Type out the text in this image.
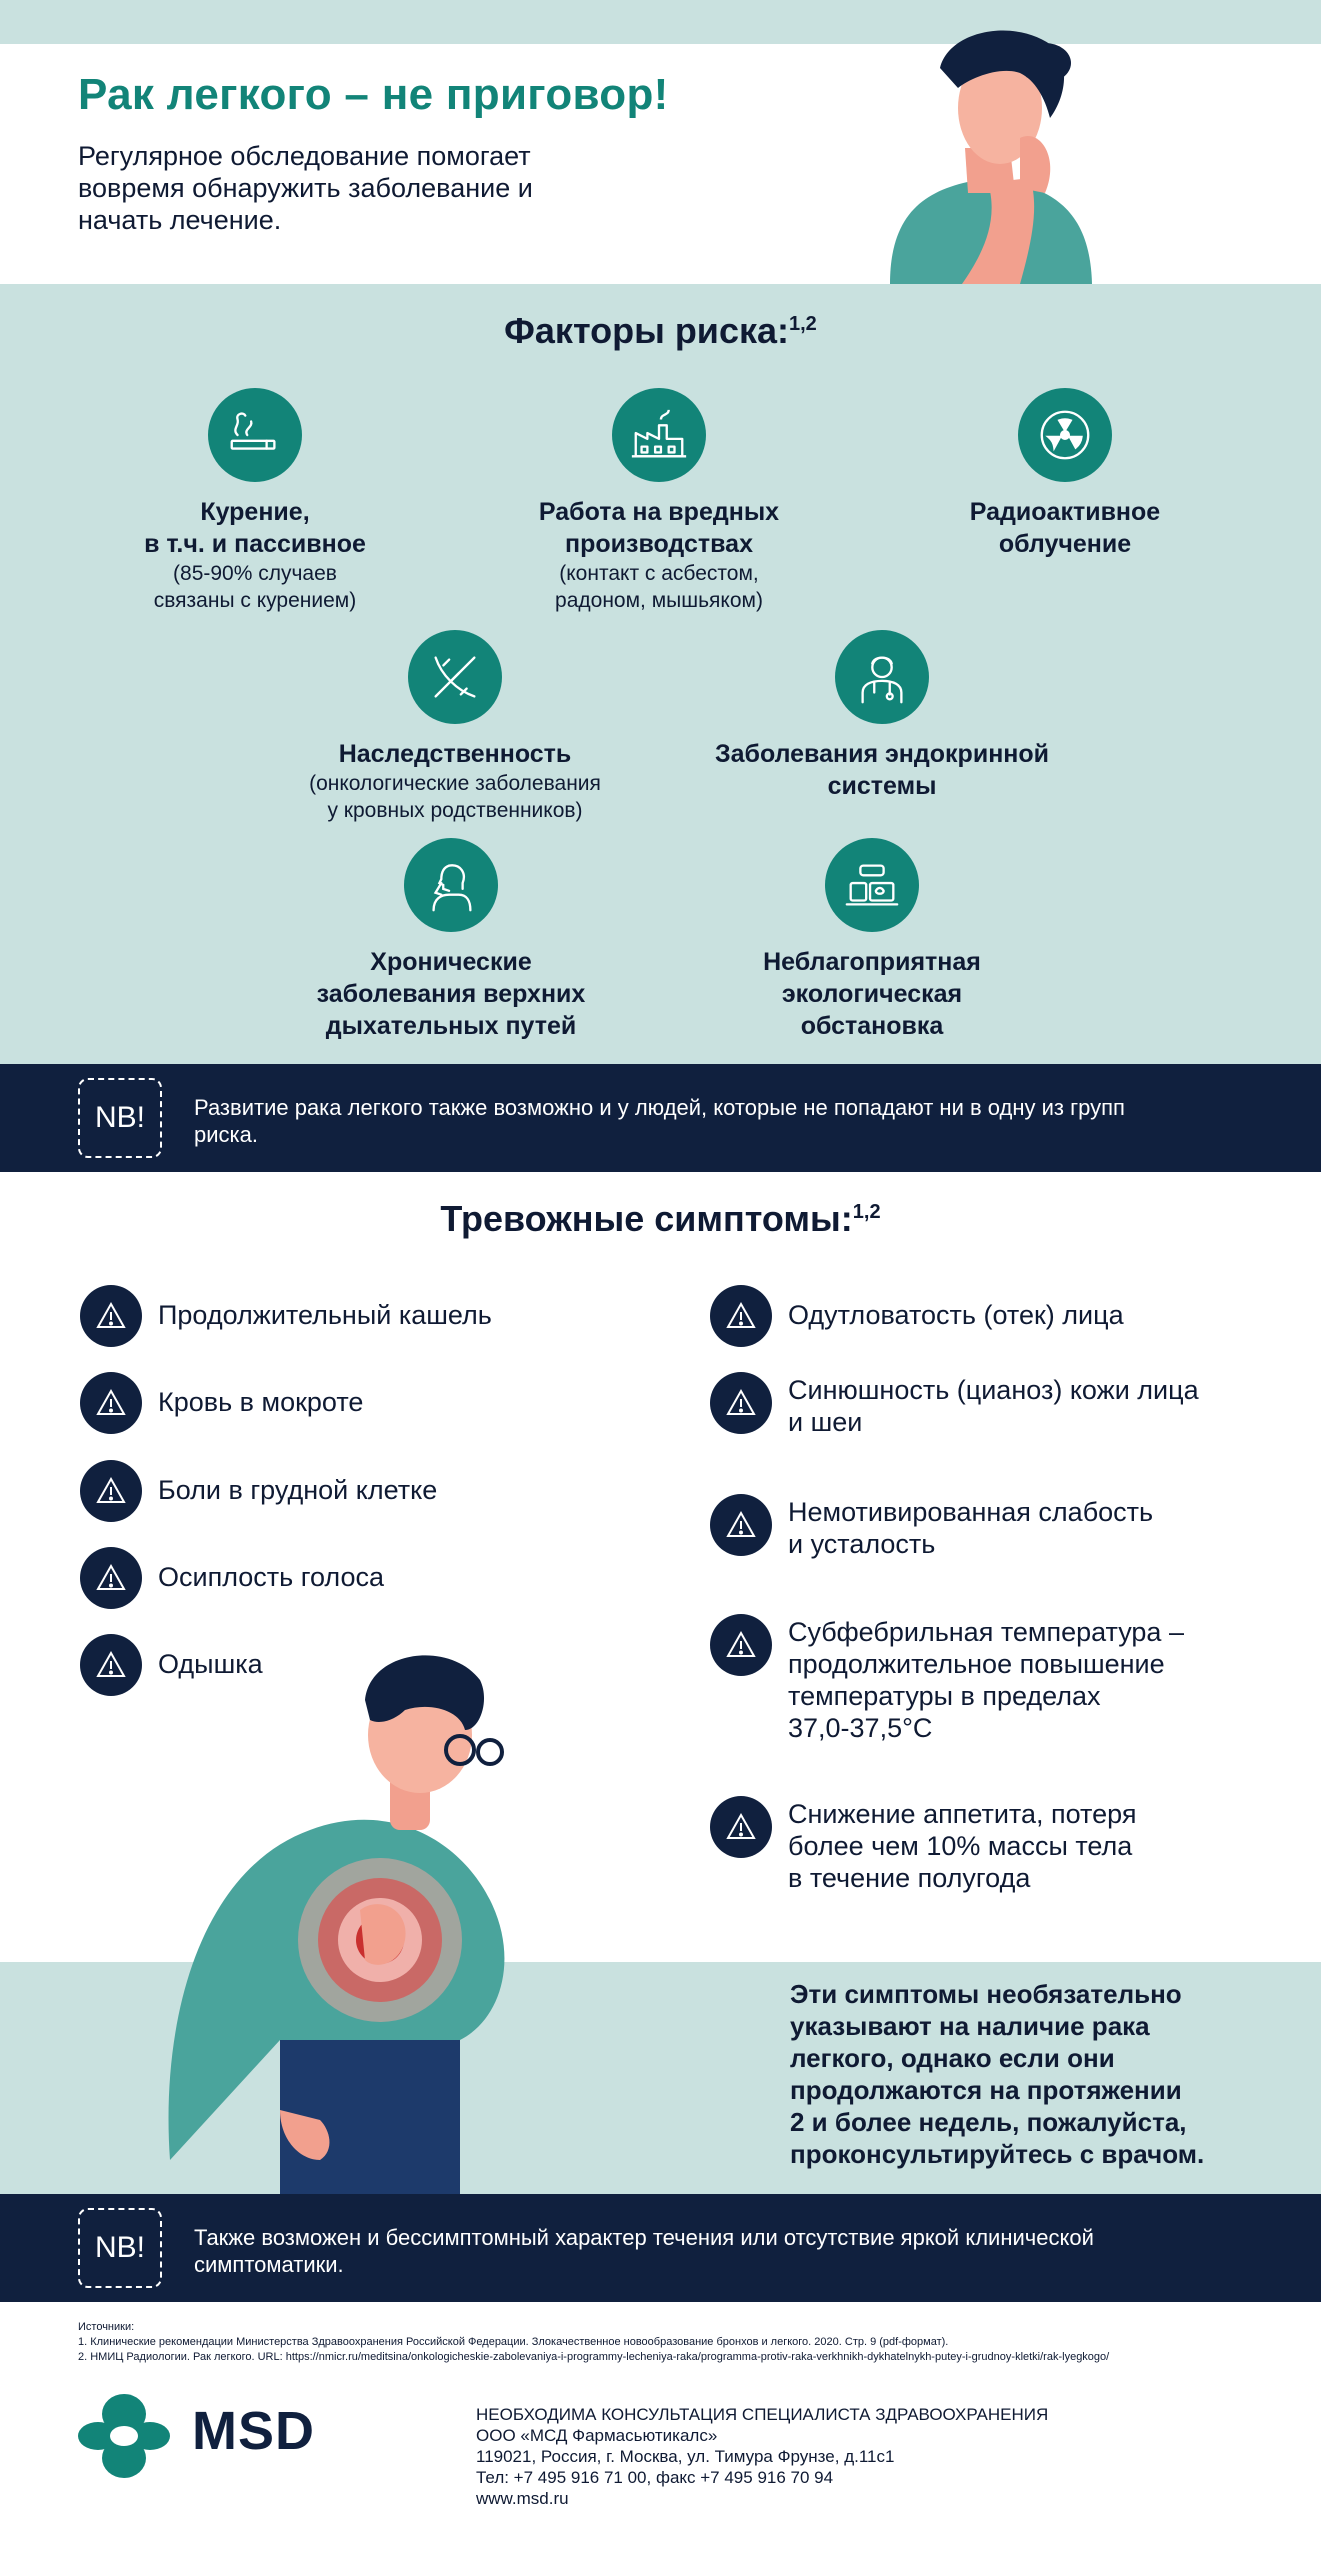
Рак легкого – не приговор!

Регулярное обследование помогает вовремя обнаружить заболевание и начать лечение.

Факторы риска:$^{1,2}$
Курение,
в т.ч. и пассивное
(85-90% случаев
связаны с курением)
Работа на вредных
производствах
(контакт с асбестом,
радоном, мышьяком)
Радиоактивное
облучение
Наследственность
(онкологические заболевания
у кровных родственников)
Заболевания эндокринной
системы
Хронические
заболевания верхних
дыхательных путей
Неблагоприятная
экологическая
обстановка
NB!	Развитие рака легкого также возможно и у людей, которые не попадают ни в одну из групп риска.
Тревожные симптомы:$^{1,2}$
Продолжительный кашель
Кровь в мокроте
Боли в грудной клетке
Осиплость голоса
Одышка
Одутловатость (отек) лица
Синюшность (цианоз) кожи лица
и шеи
Немотивированная слабость
и усталость
Субфебрильная температура –
продолжительное повышение
температуры в пределах
37,0-37,5°C
Снижение аппетита, потеря
более чем 10% массы тела
в течение полугода
Эти симптомы необязательно
указывают на наличие рака
легкого, однако если они
продолжаются на протяжении
2 и более недель, пожалуйста,
проконсультируйтесь с врачом.
NB!	Также возможен и бессимптомный характер течения или отсутствие яркой клинической симптоматики.
Источники:
1. Клинические рекомендации Министерства Здравоохранения Российской Федерации. Злокачественное новообразование бронхов и легкого. 2020. Стр. 9 (pdf-формат).
2. НМИЦ Радиологии. Рак легкого. URL: https://nmicr.ru/meditsina/onkologicheskie-zabolevaniya-i-programmy-lecheniya-raka/programma-protiv-raka-verkhnikh-dykhatelnykh-putey-i-grudnoy-kletki/rak-lyegkogo/
MSD	НЕОБХОДИМА КОНСУЛЬТАЦИЯ СПЕЦИАЛИСТА ЗДРАВООХРАНЕНИЯ
ООО «МСД Фармасьютикалс»
119021, Россия, г. Москва, ул. Тимура Фрунзе, д.11с1
Тел: +7 495 916 71 00, факс +7 495 916 70 94
www.msd.ru
